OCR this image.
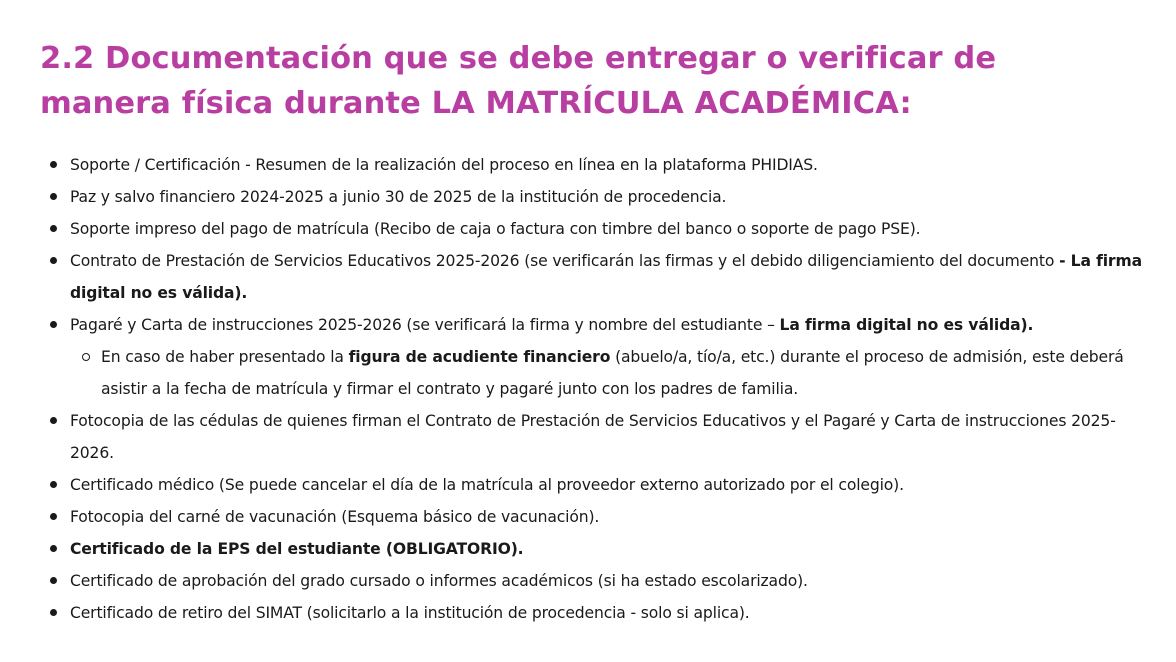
2.2 Documentación que se debe entregar o verificar de
manera física durante LA MATRÍCULA ACADÉMICA:
Soporte / Certificación - Resumen de la realización del proceso en línea en la plataforma PHIDIAS.
Paz y salvo financiero 2024-2025 a junio 30 de 2025 de la institución de procedencia.
Soporte impreso del pago de matrícula (Recibo de caja o factura con timbre del banco o soporte de pago PSE).
Contrato de Prestación de Servicios Educativos 2025-2026 (se verificarán las firmas y el debido diligenciamiento del documento - La firma digital no es válida).
Pagaré y Carta de instrucciones 2025-2026 (se verificará la firma y nombre del estudiante – La firma digital no es válida).
En caso de haber presentado la figura de acudiente financiero (abuelo/a, tío/a, etc.) durante el proceso de admisión, este deberá asistir a la fecha de matrícula y firmar el contrato y pagaré junto con los padres de familia.
Fotocopia de las cédulas de quienes firman el Contrato de Prestación de Servicios Educativos y el Pagaré y Carta de instrucciones 2025-2026.
Certificado médico (Se puede cancelar el día de la matrícula al proveedor externo autorizado por el colegio).
Fotocopia del carné de vacunación (Esquema básico de vacunación).
Certificado de la EPS del estudiante (OBLIGATORIO).
Certificado de aprobación del grado cursado o informes académicos (si ha estado escolarizado).
Certificado de retiro del SIMAT (solicitarlo a la institución de procedencia - solo si aplica).
